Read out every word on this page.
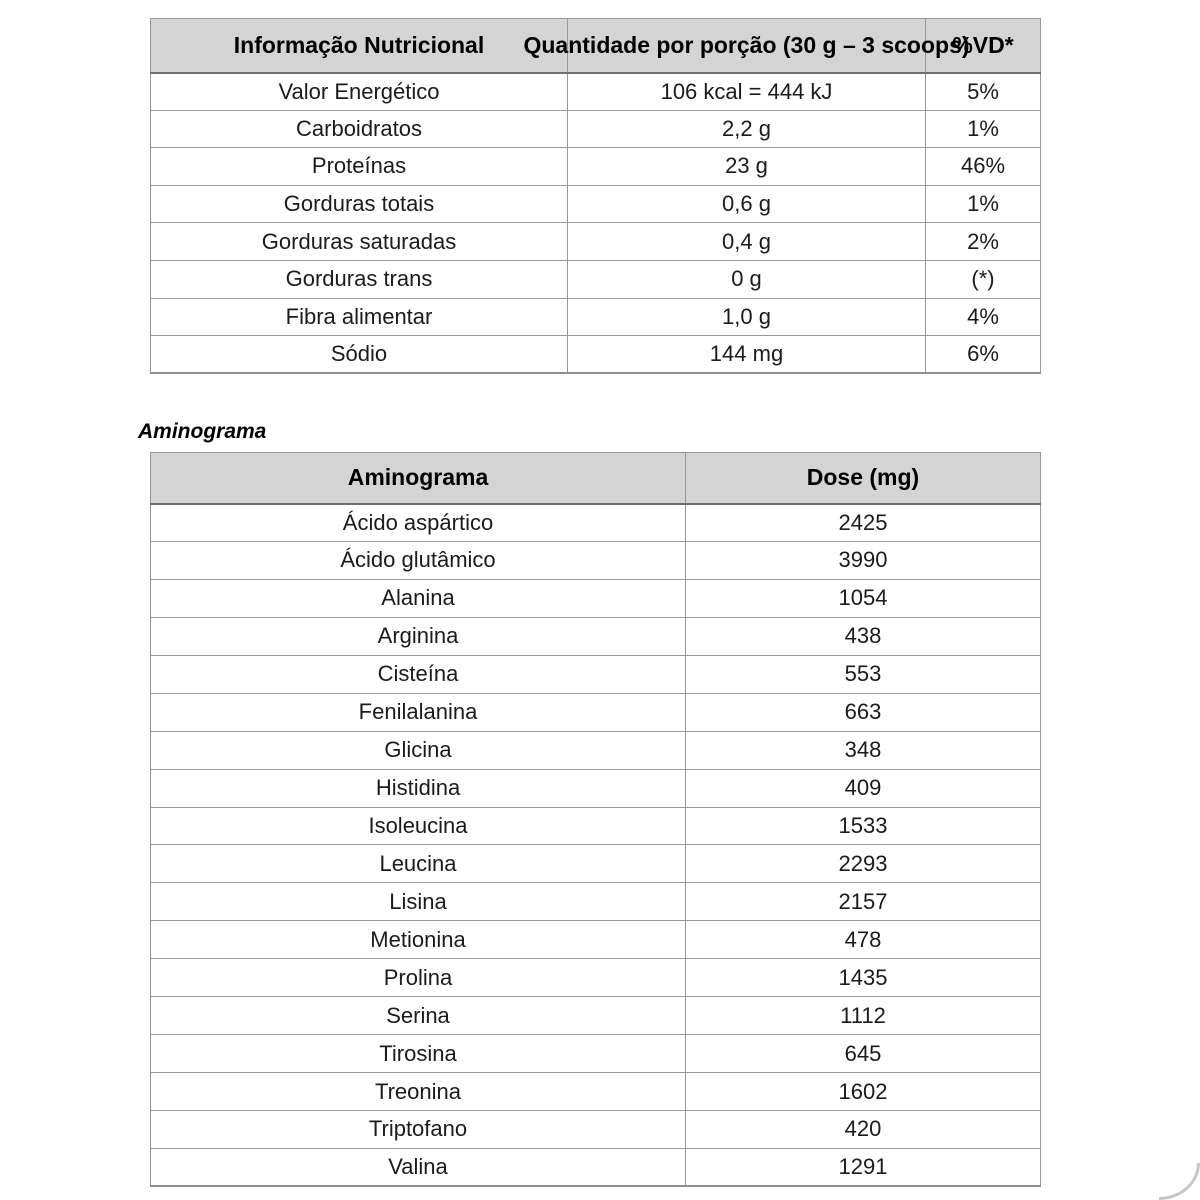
Informação Nutricional	Quantidade por porção (30 g – 3 scoops)	%VD*
Valor Energético	106 kcal = 444 kJ	5%
Carboidratos	2,2 g	1%
Proteínas	23 g	46%
Gorduras totais	0,6 g	1%
Gorduras saturadas	0,4 g	2%
Gorduras trans	0 g	(*)
Fibra alimentar	1,0 g	4%
Sódio	144 mg	6%
Aminograma
Aminograma	Dose (mg)
Ácido aspártico	2425
Ácido glutâmico	3990
Alanina	1054
Arginina	438
Cisteína	553
Fenilalanina	663
Glicina	348
Histidina	409
Isoleucina	1533
Leucina	2293
Lisina	2157
Metionina	478
Prolina	1435
Serina	1112
Tirosina	645
Treonina	1602
Triptofano	420
Valina	1291
